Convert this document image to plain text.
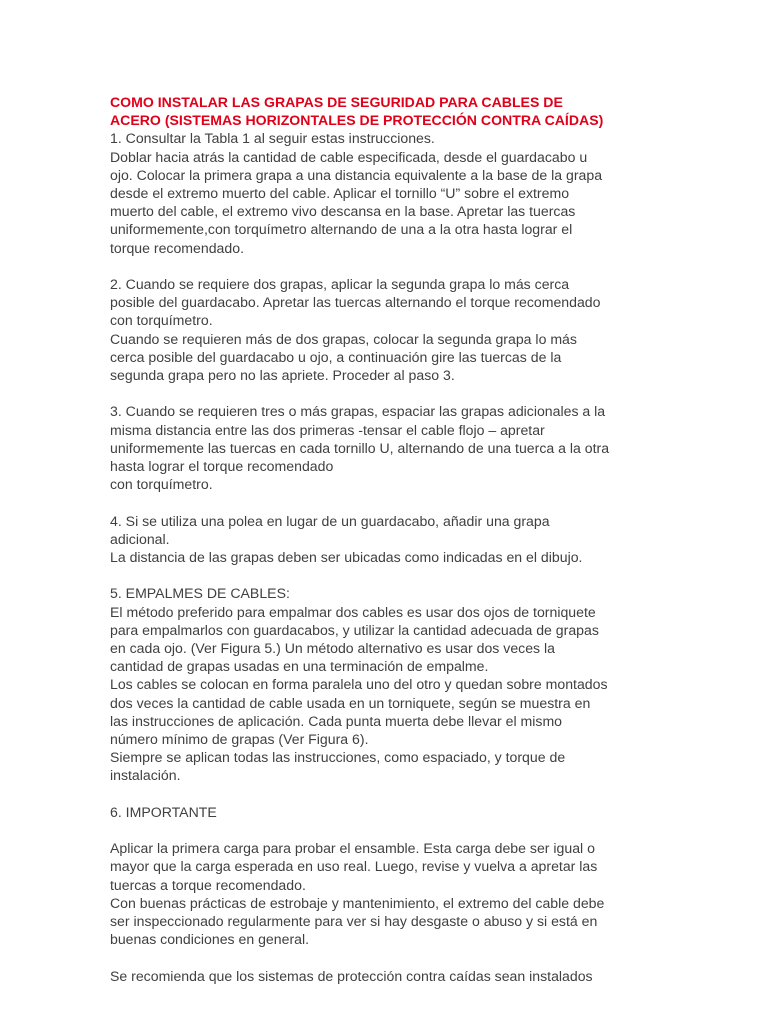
COMO INSTALAR LAS GRAPAS DE SEGURIDAD PARA CABLES DE
ACERO (SISTEMAS HORIZONTALES DE PROTECCIÓN CONTRA CAÍDAS)

1. Consultar la Tabla 1 al seguir estas instrucciones.
Doblar hacia atrás la cantidad de cable especificada, desde el guardacabo u
ojo. Colocar la primera grapa a una distancia equivalente a la base de la grapa
desde el extremo muerto del cable. Aplicar el tornillo “U” sobre el extremo
muerto del cable, el extremo vivo descansa en la base. Apretar las tuercas
uniformemente,con torquímetro alternando de una a la otra hasta lograr el
torque recomendado.

2. Cuando se requiere dos grapas, aplicar la segunda grapa lo más cerca
posible del guardacabo. Apretar las tuercas alternando el torque recomendado
con torquímetro.
Cuando se requieren más de dos grapas, colocar la segunda grapa lo más
cerca posible del guardacabo u ojo, a continuación gire las tuercas de la
segunda grapa pero no las apriete. Proceder al paso 3.

3. Cuando se requieren tres o más grapas, espaciar las grapas adicionales a la
misma distancia entre las dos primeras -tensar el cable flojo – apretar
uniformemente las tuercas en cada tornillo U, alternando de una tuerca a la otra
hasta lograr el torque recomendado
con torquímetro.

4. Si se utiliza una polea en lugar de un guardacabo, añadir una grapa
adicional.
La distancia de las grapas deben ser ubicadas como indicadas en el dibujo.

5. EMPALMES DE CABLES:
El método preferido para empalmar dos cables es usar dos ojos de torniquete
para empalmarlos con guardacabos, y utilizar la cantidad adecuada de grapas
en cada ojo. (Ver Figura 5.) Un método alternativo es usar dos veces la
cantidad de grapas usadas en una terminación de empalme.
Los cables se colocan en forma paralela uno del otro y quedan sobre montados
dos veces la cantidad de cable usada en un torniquete, según se muestra en
las instrucciones de aplicación. Cada punta muerta debe llevar el mismo
número mínimo de grapas (Ver Figura 6).
Siempre se aplican todas las instrucciones, como espaciado, y torque de
instalación.

6. IMPORTANTE

Aplicar la primera carga para probar el ensamble. Esta carga debe ser igual o
mayor que la carga esperada en uso real. Luego, revise y vuelva a apretar las
tuercas a torque recomendado.
Con buenas prácticas de estrobaje y mantenimiento, el extremo del cable debe
ser inspeccionado regularmente para ver si hay desgaste o abuso y si está en
buenas condiciones en general.

Se recomienda que los sistemas de protección contra caídas sean instalados
